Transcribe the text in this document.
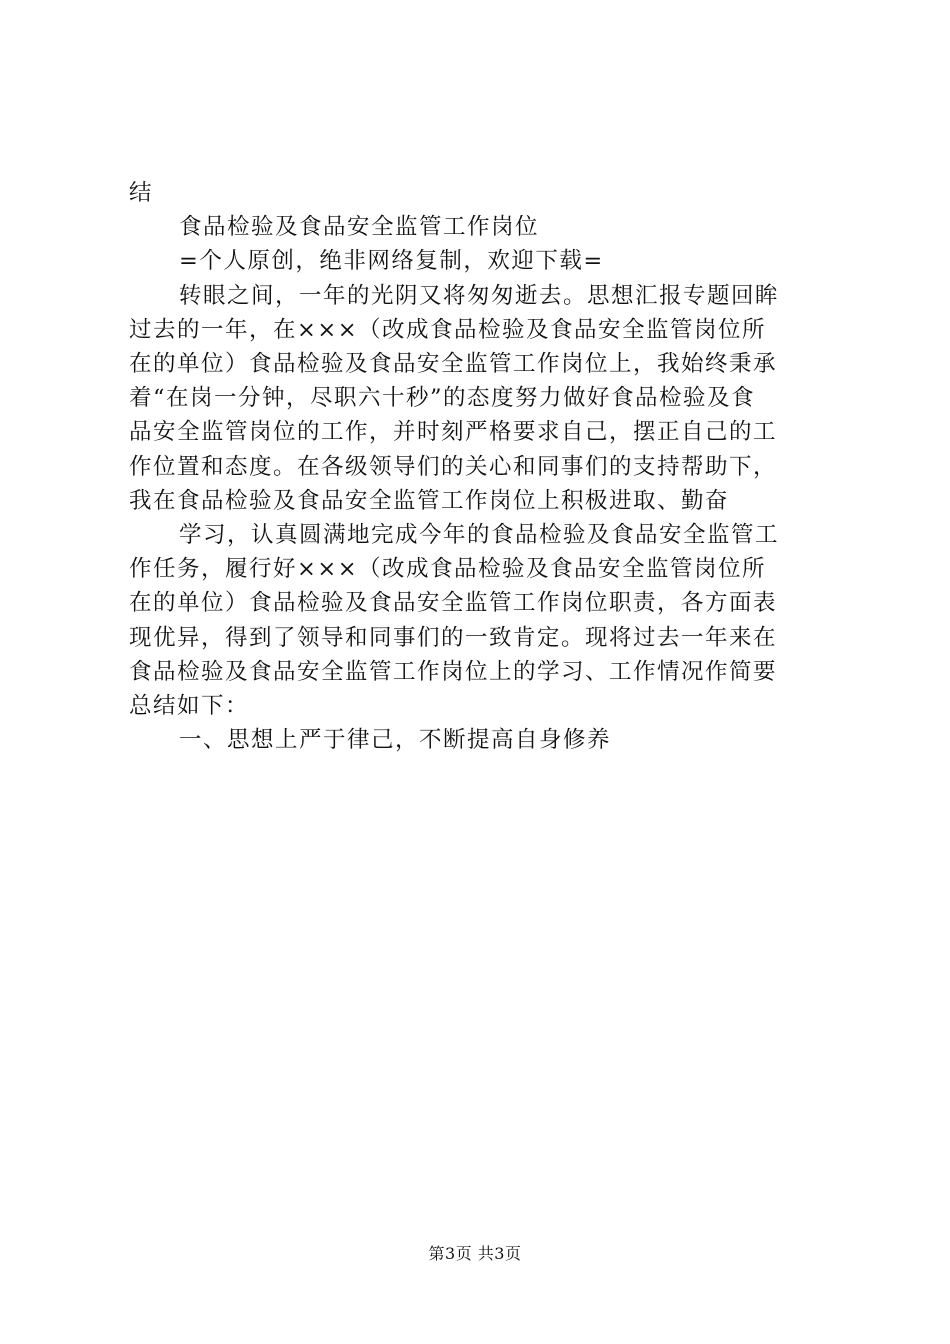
结
食品检验及食品安全监管工作岗位
=个人原创，绝非网络复制，欢迎下载=
转眼之间，一年的光阴又将匆匆逝去。思想汇报专题回眸
过去的一年，在×××（改成食品检验及食品安全监管岗位所
在的单位）食品检验及食品安全监管工作岗位上，我始终秉承
着“在岗一分钟，尽职六十秒”的态度努力做好食品检验及食
品安全监管岗位的工作，并时刻严格要求自己，摆正自己的工
作位置和态度。在各级领导们的关心和同事们的支持帮助下，
我在食品检验及食品安全监管工作岗位上积极进取、勤奋
学习，认真圆满地完成今年的食品检验及食品安全监管工
作任务，履行好×××（改成食品检验及食品安全监管岗位所
在的单位）食品检验及食品安全监管工作岗位职责，各方面表
现优异，得到了领导和同事们的一致肯定。现将过去一年来在
食品检验及食品安全监管工作岗位上的学习、工作情况作简要
总结如下：
一、思想上严于律己，不断提高自身修养
第3页 共3页
